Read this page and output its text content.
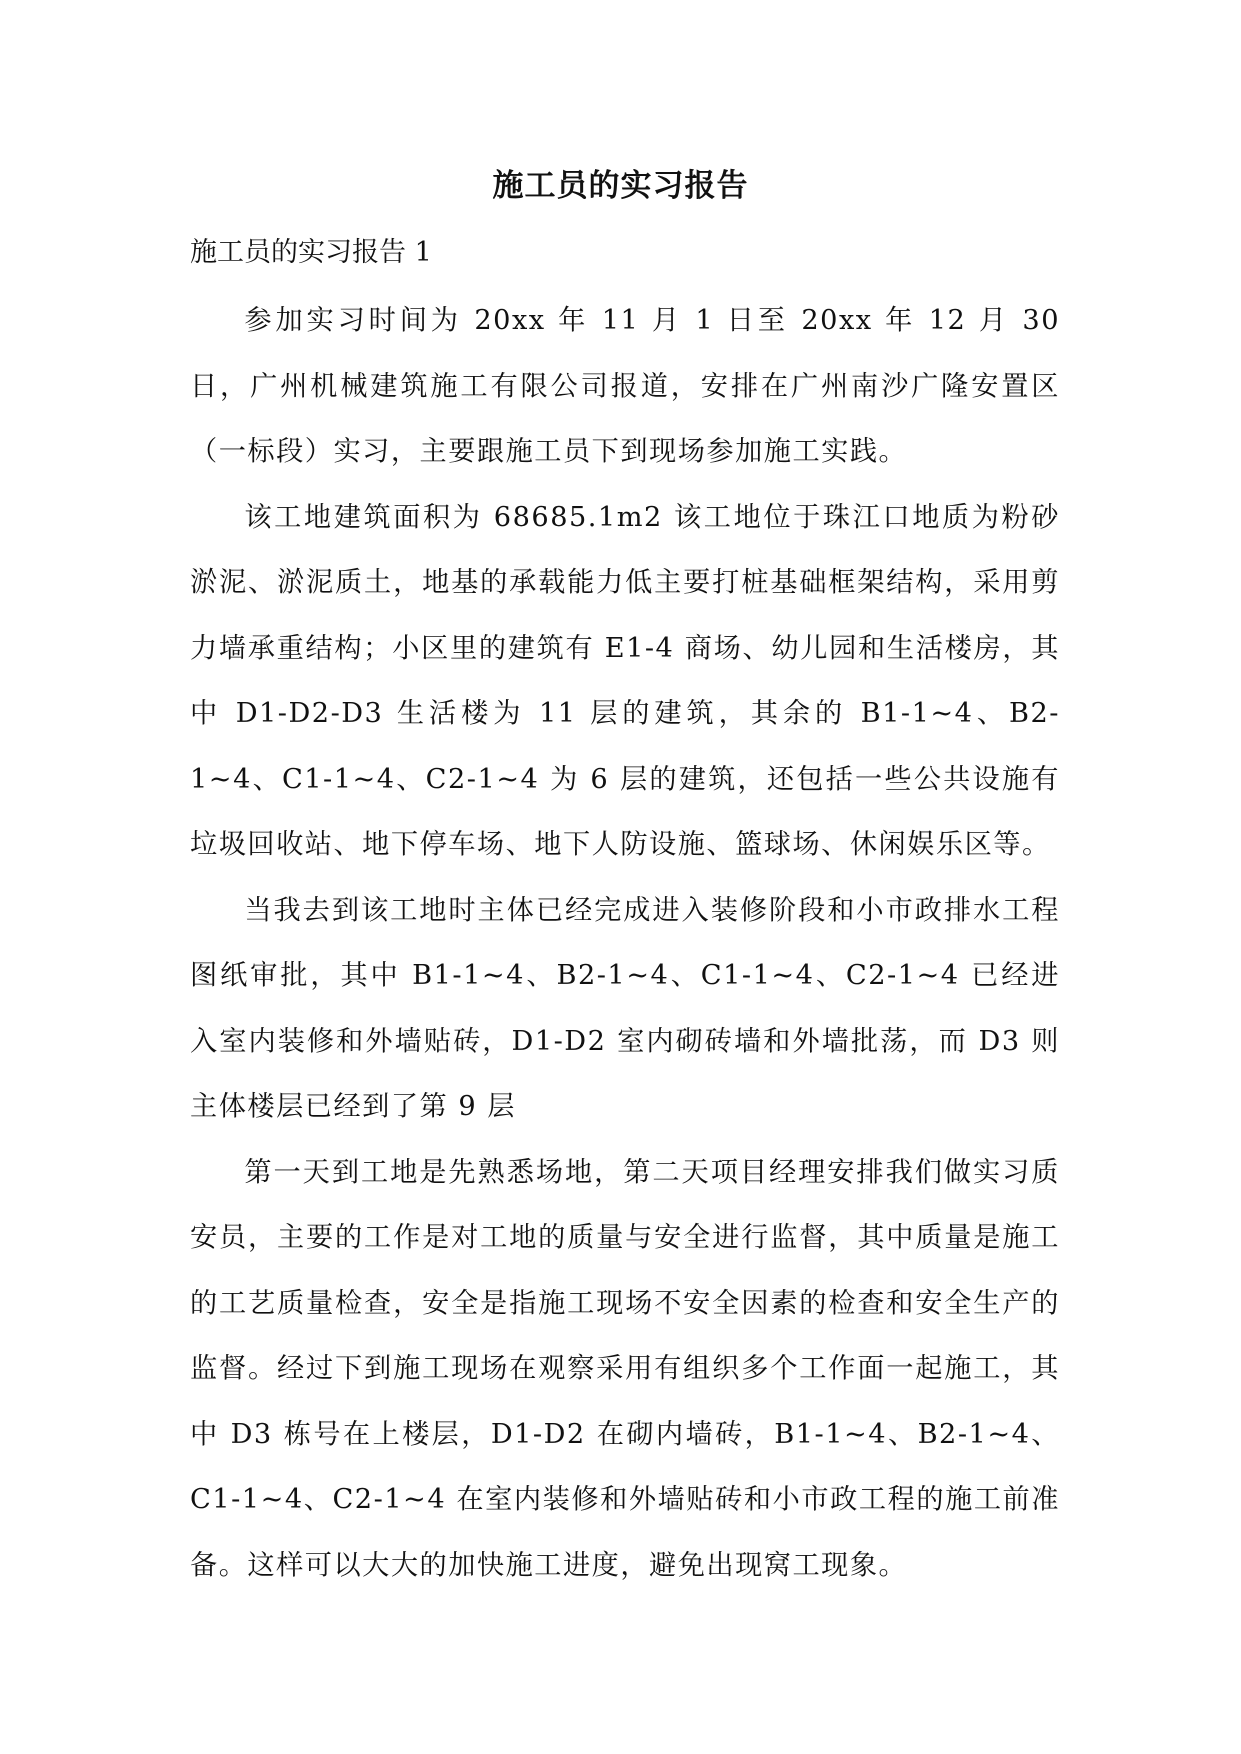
施工员的实习报告

施工员的实习报告 1

参加实习时间为 20xx 年 11 月 1 日至 20xx 年 12 月 30 日，广州机械建筑施工有限公司报道，安排在广州南沙广隆安置区（一标段）实习，主要跟施工员下到现场参加施工实践。

该工地建筑面积为 68685.1m2 该工地位于珠江口地质为粉砂淤泥、淤泥质土，地基的承载能力低主要打桩基础框架结构，采用剪力墙承重结构；小区里的建筑有 E1-4 商场、幼儿园和生活楼房，其中 D1-D2-D3 生活楼为 11 层的建筑，其余的 B1-1~4、B2-1~4、C1-1~4、C2-1~4 为 6 层的建筑，还包括一些公共设施有垃圾回收站、地下停车场、地下人防设施、篮球场、休闲娱乐区等。

当我去到该工地时主体已经完成进入装修阶段和小市政排水工程图纸审批，其中 B1-1~4、B2-1~4、C1-1~4、C2-1~4 已经进入室内装修和外墙贴砖，D1-D2 室内砌砖墙和外墙批荡，而 D3 则主体楼层已经到了第 9 层

第一天到工地是先熟悉场地，第二天项目经理安排我们做实习质安员，主要的工作是对工地的质量与安全进行监督，其中质量是施工的工艺质量检查，安全是指施工现场不安全因素的检查和安全生产的监督。经过下到施工现场在观察采用有组织多个工作面一起施工，其中 D3 栋号在上楼层，D1-D2 在砌内墙砖，B1-1~4、B2-1~4、C1-1~4、C2-1~4 在室内装修和外墙贴砖和小市政工程的施工前准备。这样可以大大的加快施工进度，避免出现窝工现象。
